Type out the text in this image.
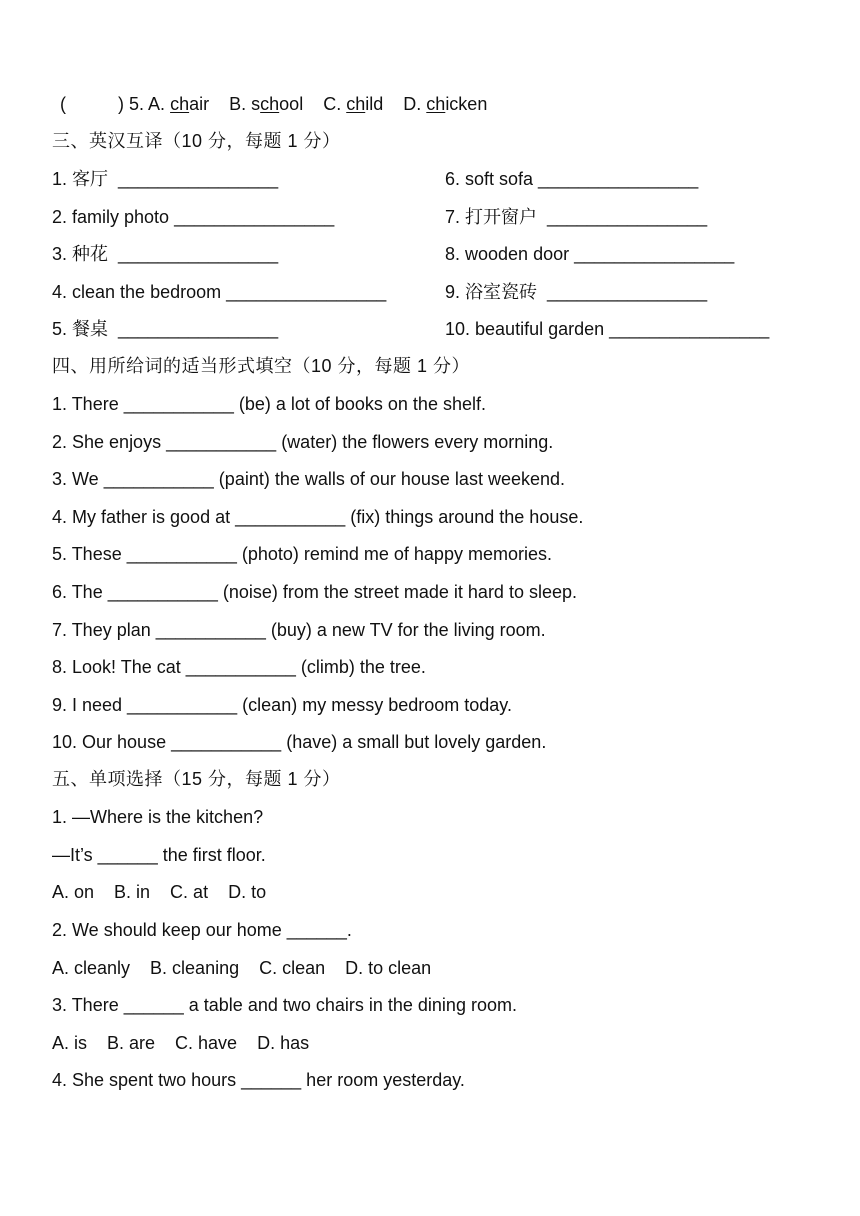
(	) 5. A. chair B. school C. child D. chicken
三、英汉互译（10 分，每题 1 分）
1. 客厅  ________________	6. soft sofa ________________
2. family photo ________________	7. 打开窗户  ________________
3. 种花  ________________	8. wooden door ________________
4. clean the bedroom ________________	9. 浴室瓷砖  ________________
5. 餐桌  ________________	10. beautiful garden ________________
四、用所给词的适当形式填空（10 分，每题 1 分）
1. There ___________ (be) a lot of books on the shelf.
2. She enjoys ___________ (water) the flowers every morning.
3. We ___________ (paint) the walls of our house last weekend.
4. My father is good at ___________ (fix) things around the house.
5. These ___________ (photo) remind me of happy memories.
6. The ___________ (noise) from the street made it hard to sleep.
7. They plan ___________ (buy) a new TV for the living room.
8. Look! The cat ___________ (climb) the tree.
9. I need ___________ (clean) my messy bedroom today.
10. Our house ___________ (have) a small but lovely garden.
五、单项选择（15 分，每题 1 分）
1. —Where is the kitchen?
—It’s ______ the first floor.
A. on    B. in    C. at    D. to
2. We should keep our home ______.
A. cleanly    B. cleaning    C. clean    D. to clean
3. There ______ a table and two chairs in the dining room.
A. is    B. are    C. have    D. has
4. She spent two hours ______ her room yesterday.
